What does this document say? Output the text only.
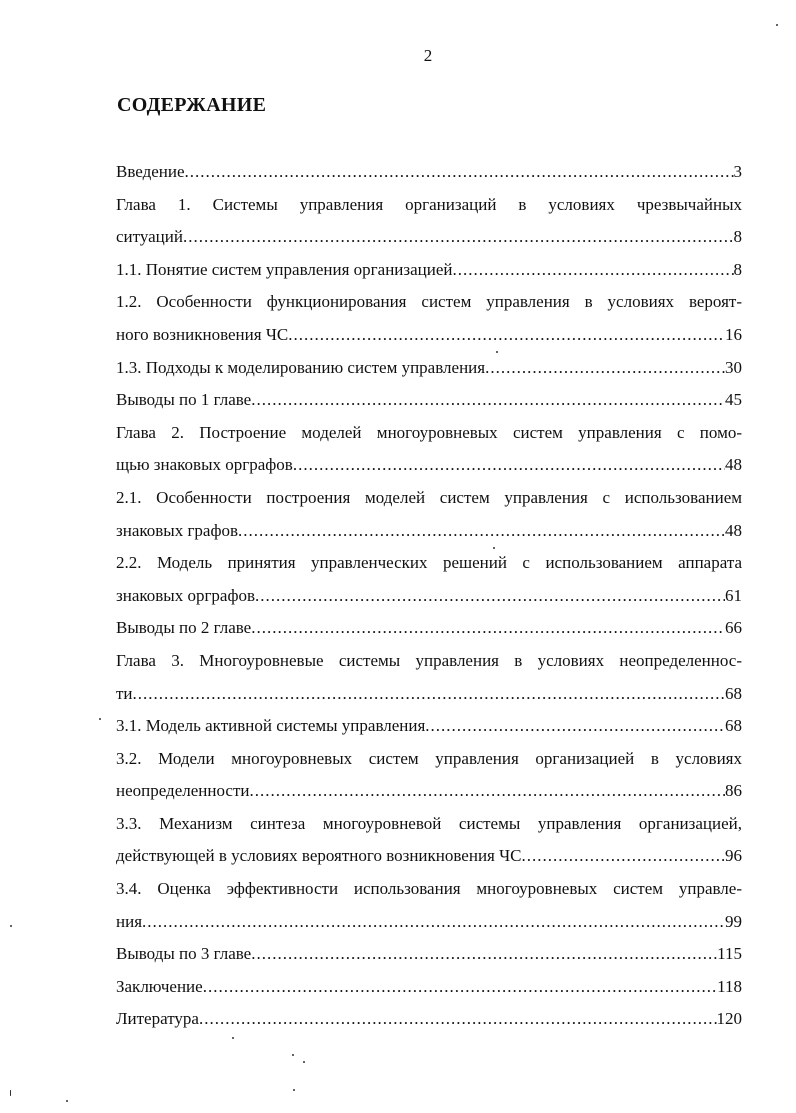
2
СОДЕРЖАНИЕ
Введение .....	3
Глава 1. Системы управления организаций в условиях чрезвычайных
ситуаций .....	8
1.1. Понятие систем управления организацией .....	8
1.2. Особенности функционирования систем управления в условиях вероят-
ного возникновения ЧС .....	16
1.3. Подходы к моделированию систем управления .....	30
Выводы по 1 главе .....	45
Глава 2. Построение моделей многоуровневых систем управления с помо-
щью знаковых орграфов .....	48
2.1. Особенности построения моделей систем управления с использованием
знаковых графов .....	48
2.2. Модель принятия управленческих решений с использованием аппарата
знаковых орграфов .....	61
Выводы по 2 главе .....	66
Глава 3. Многоуровневые системы управления в условиях неопределеннос-
ти .....	68
3.1. Модель активной системы управления .....	68
3.2. Модели многоуровневых систем управления организацией в условиях
неопределенности .....	86
3.3. Механизм синтеза многоуровневой системы управления организацией,
действующей в условиях вероятного возникновения ЧС .....	96
3.4. Оценка эффективности использования многоуровневых систем управле-
ния .....	99
Выводы по 3 главе .....	115
Заключение .....	118
Литература .....	120
